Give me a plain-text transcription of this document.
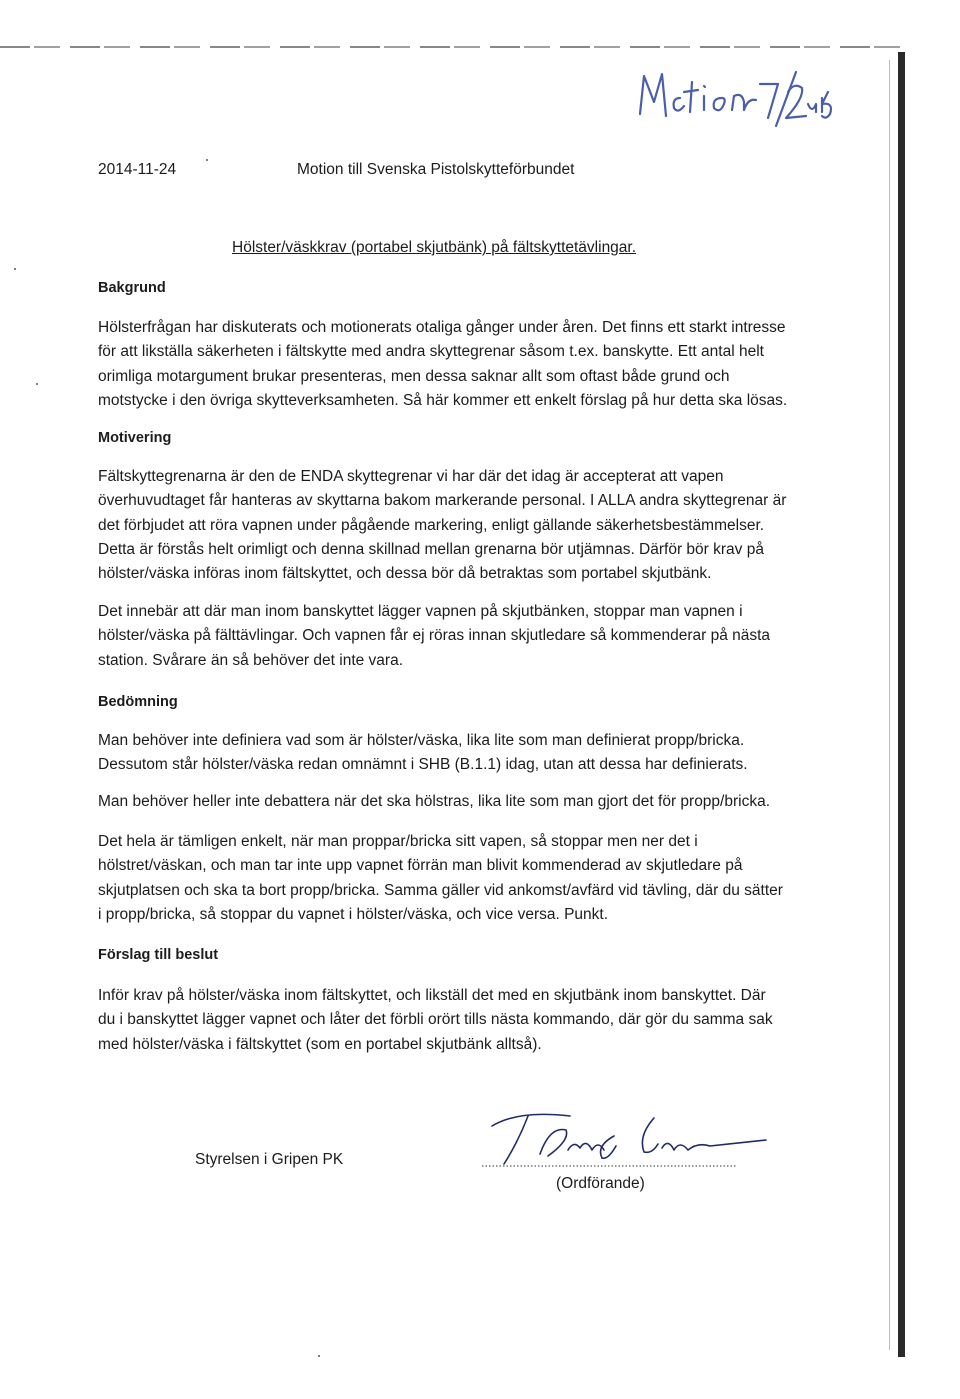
2014-11-24	Motion till Svenska Pistolskytteförbundet
Hölster/väskkrav (portabel skjutbänk) på fältskyttetävlingar.
Bakgrund
Hölsterfrågan har diskuterats och motionerats otaliga gånger under åren. Det finns ett starkt intresse
för att likställa säkerheten i fältskytte med andra skyttegrenar såsom t.ex. banskytte. Ett antal helt
orimliga motargument brukar presenteras, men dessa saknar allt som oftast både grund och
motstycke i den övriga skytteverksamheten. Så här kommer ett enkelt förslag på hur detta ska lösas.
Motivering
Fältskyttegrenarna är den de ENDA skyttegrenar vi har där det idag är accepterat att vapen
överhuvudtaget får hanteras av skyttarna bakom markerande personal. I ALLA andra skyttegrenar är
det förbjudet att röra vapnen under pågående markering, enligt gällande säkerhetsbestämmelser.
Detta är förstås helt orimligt och denna skillnad mellan grenarna bör utjämnas. Därför bör krav på
hölster/väska införas inom fältskyttet, och dessa bör då betraktas som portabel skjutbänk.
Det innebär att där man inom banskyttet lägger vapnen på skjutbänken, stoppar man vapnen i
hölster/väska på fälttävlingar. Och vapnen får ej röras innan skjutledare så kommenderar på nästa
station. Svårare än så behöver det inte vara.
Bedömning
Man behöver inte definiera vad som är hölster/väska, lika lite som man definierat propp/bricka.
Dessutom står hölster/väska redan omnämnt i SHB (B.1.1) idag, utan att dessa har definierats.
Man behöver heller inte debattera när det ska hölstras, lika lite som man gjort det för propp/bricka.
Det hela är tämligen enkelt, när man proppar/bricka sitt vapen, så stoppar men ner det i
hölstret/väskan, och man tar inte upp vapnet förrän man blivit kommenderad av skjutledare på
skjutplatsen och ska ta bort propp/bricka. Samma gäller vid ankomst/avfärd vid tävling, där du sätter
i propp/bricka, så stoppar du vapnet i hölster/väska, och vice versa. Punkt.
Förslag till beslut
Inför krav på hölster/väska inom fältskyttet, och likställ det med en skjutbänk inom banskyttet. Där
du i banskyttet lägger vapnet och låter det förbli orört tills nästa kommando, där gör du samma sak
med hölster/väska i fältskyttet (som en portabel skjutbänk alltså).
Styrelsen i Gripen PK
(Ordförande)
